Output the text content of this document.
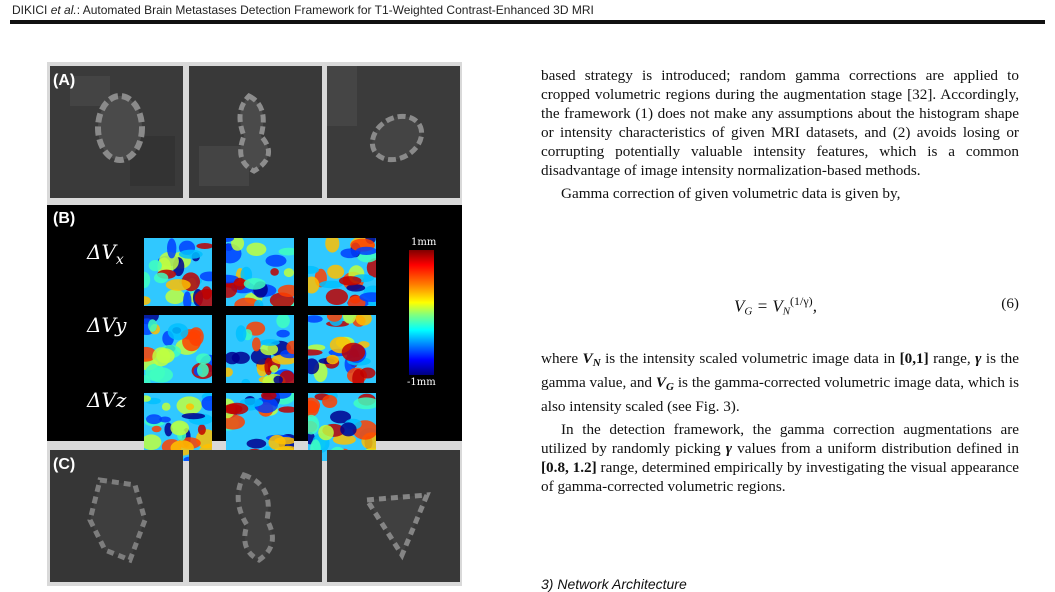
DIKICI et al.: Automated Brain Metastases Detection Framework for T1-Weighted Contrast-Enhanced 3D MRI
(A)
(B)
$\Delta V_x$
ΔVy
ΔVz
1mm
-1mm
(C)

based strategy is introduced; random gamma corrections are applied to cropped volumetric regions during the augmentation stage [32]. Accordingly, the framework (1) does not make any assumptions about the histogram shape or intensity characteristics of given MRI datasets, and (2) avoids losing or corrupting potentially valuable intensity features, which is a common disadvantage of image intensity normalization-based methods.

Gamma correction of given volumetric data is given by,

$V_G = V_N^{(1/\gamma)}$,	(6)

where $V_N$ is the intensity scaled volumetric image data in [0,1] range, γ is the gamma value, and $V_G$ is the gamma-corrected volumetric image data, which is also intensity scaled (see Fig. 3).

In the detection framework, the gamma correction augmentations are utilized by randomly picking γ values from a uniform distribution defined in [0.8, 1.2] range, determined empirically by investigating the visual appearance of gamma-corrected volumetric regions.

3) Network Architecture
